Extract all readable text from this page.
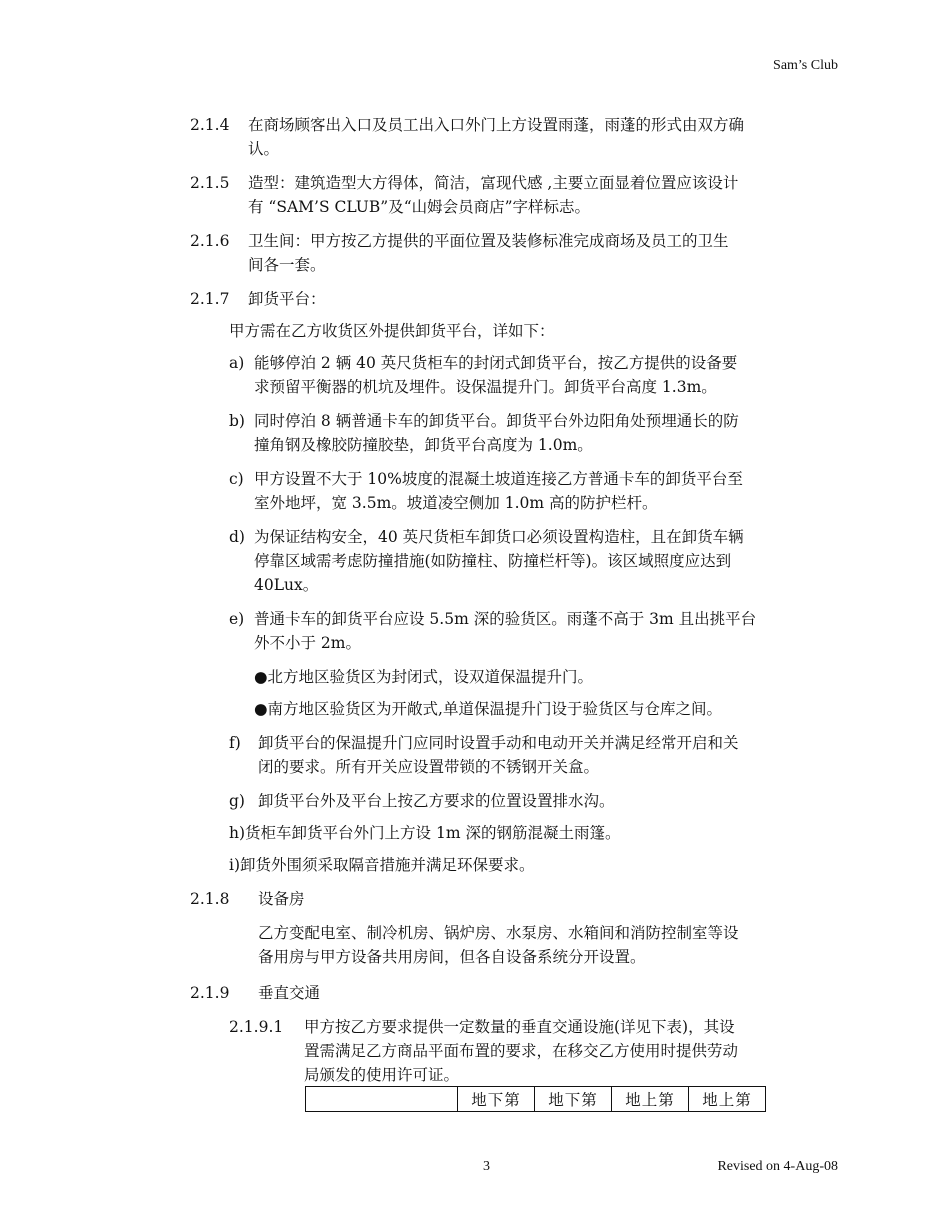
Sam’s Club
2.1.4 在商场顾客出入口及员工出入口外门上方设置雨蓬，雨蓬的形式由双方确
认。
2.1.5 造型：建筑造型大方得体，简洁，富现代感 ,主要立面显着位置应该设计
有 “SAM’S CLUB”及“山姆会员商店”字样标志。
2.1.6 卫生间：甲方按乙方提供的平面位置及装修标准完成商场及员工的卫生
间各一套。
2.1.7 卸货平台：
甲方需在乙方收货区外提供卸货平台，详如下：
a) 能够停泊 2 辆 40 英尺货柜车的封闭式卸货平台，按乙方提供的设备要
求预留平衡器的机坑及埋件。设保温提升门。卸货平台高度 1.3m。
b) 同时停泊 8 辆普通卡车的卸货平台。卸货平台外边阳角处预埋通长的防
撞角钢及橡胶防撞胶垫，卸货平台高度为 1.0m。
c) 甲方设置不大于 10%坡度的混凝土坡道连接乙方普通卡车的卸货平台至
室外地坪，宽 3.5m。坡道凌空侧加 1.0m 高的防护栏杆。
d) 为保证结构安全，40 英尺货柜车卸货口必须设置构造柱，且在卸货车辆
停靠区域需考虑防撞措施(如防撞柱、防撞栏杆等)。该区域照度应达到
40Lux。
e) 普通卡车的卸货平台应设 5.5m 深的验货区。雨蓬不高于 3m 且出挑平台
外不小于 2m。
●北方地区验货区为封闭式，设双道保温提升门。
●南方地区验货区为开敞式,单道保温提升门设于验货区与仓库之间。
f) 卸货平台的保温提升门应同时设置手动和电动开关并满足经常开启和关
闭的要求。所有开关应设置带锁的不锈钢开关盒。
g) 卸货平台外及平台上按乙方要求的位置设置排水沟。
h)货柜车卸货平台外门上方设 1m 深的钢筋混凝土雨篷。
i)卸货外围须采取隔音措施并满足环保要求。
2.1.8 设备房
乙方变配电室、制冷机房、锅炉房、水泵房、水箱间和消防控制室等设
备用房与甲方设备共用房间，但各自设备系统分开设置。
2.1.9 垂直交通
2.1.9.1 甲方按乙方要求提供一定数量的垂直交通设施(详见下表)，其设
置需满足乙方商品平面布置的要求，在移交乙方使用时提供劳动
局颁发的使用许可证。
	地下第	地下第	地上第	地上第
3	Revised on 4-Aug-08
